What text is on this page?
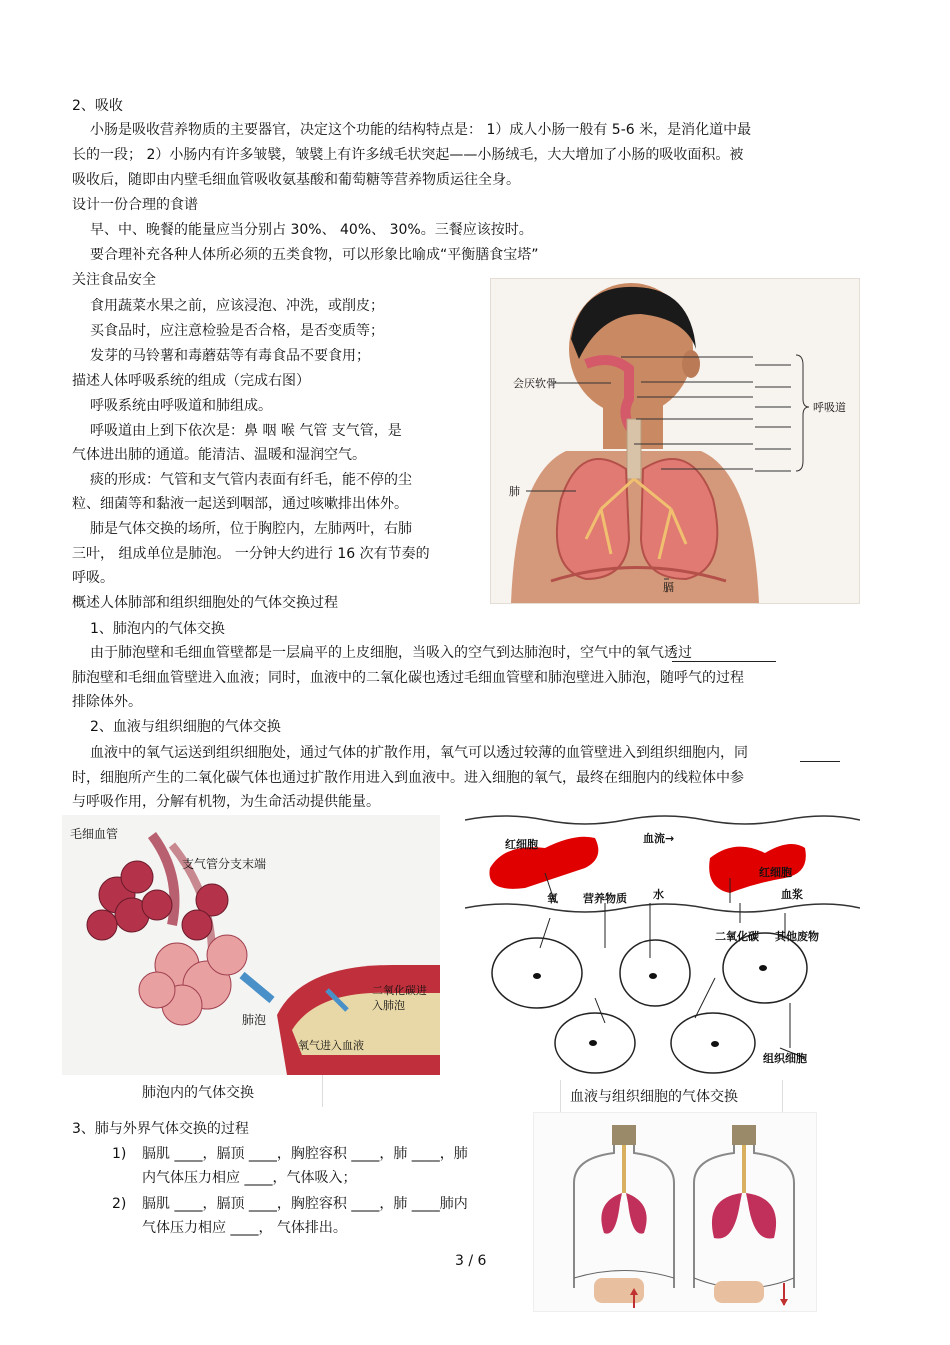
2、吸收
小肠是吸收营养物质的主要器官，决定这个功能的结构特点是： 1）成人小肠一般有 5-6 米，是消化道中最
长的一段； 2）小肠内有许多皱襞，皱襞上有许多绒毛状突起——小肠绒毛，大大增加了小肠的吸收面积。被
吸收后，随即由内壁毛细血管吸收氨基酸和葡萄糖等营养物质运往全身。
设计一份合理的食谱
早、中、晚餐的能量应当分别占 30%、 40%、 30%。三餐应该按时。
要合理补充各种人体所必须的五类食物，可以形象比喻成“平衡膳食宝塔”
关注食品安全
食用蔬菜水果之前，应该浸泡、冲洗，或削皮；
买食品时，应注意检验是否合格，是否变质等；
发芽的马铃薯和毒蘑菇等有毒食品不要食用；
描述人体呼吸系统的组成（完成右图）
呼吸系统由呼吸道和肺组成。
呼吸道由上到下依次是：鼻 咽 喉 气管 支气管，是
气体进出肺的通道。能清洁、温暖和湿润空气。
痰的形成：气管和支气管内表面有纤毛，能不停的尘
粒、细菌等和黏液一起送到咽部，通过咳嗽排出体外。
肺是气体交换的场所，位于胸腔内，左肺两叶，右肺
三叶， 组成单位是肺泡。 一分钟大约进行 16 次有节奏的
呼吸。
会厌软骨
呼吸道
肺
膈
概述人体肺部和组织细胞处的气体交换过程
1、肺泡内的气体交换
由于肺泡壁和毛细血管壁都是一层扁平的上皮细胞，当吸入的空气到达肺泡时，空气中的氧气透过
肺泡壁和毛细血管壁进入血液；同时，血液中的二氧化碳也透过毛细血管壁和肺泡壁进入肺泡，随呼气的过程
排除体外。
2、血液与组织细胞的气体交换
血液中的氧气运送到组织细胞处，通过气体的扩散作用，氧气可以透过较薄的血管壁进入到组织细胞内，同
时，细胞所产生的二氧化碳气体也通过扩散作用进入到血液中。进入细胞的氧气，最终在细胞内的线粒体中参
与呼吸作用，分解有机物，为生命活动提供能量。
毛细血管
支气管分支末端
肺泡
二氧化碳进入肺泡
氧气进入血液
肺泡内的气体交换
红细胞	血流→
氧 营养物质 水
红细胞
血浆
二氧化碳 其他废物
组织细胞
血液与组织细胞的气体交换
3、肺与外界气体交换的过程
1) 膈肌 ____，膈顶 ____，胸腔容积 ____，肺 ____，肺
内气体压力相应 ____，气体吸入；
2) 膈肌 ____，膈顶 ____，胸腔容积 ____，肺 ____肺内
气体压力相应 ____， 气体排出。
3 / 6
